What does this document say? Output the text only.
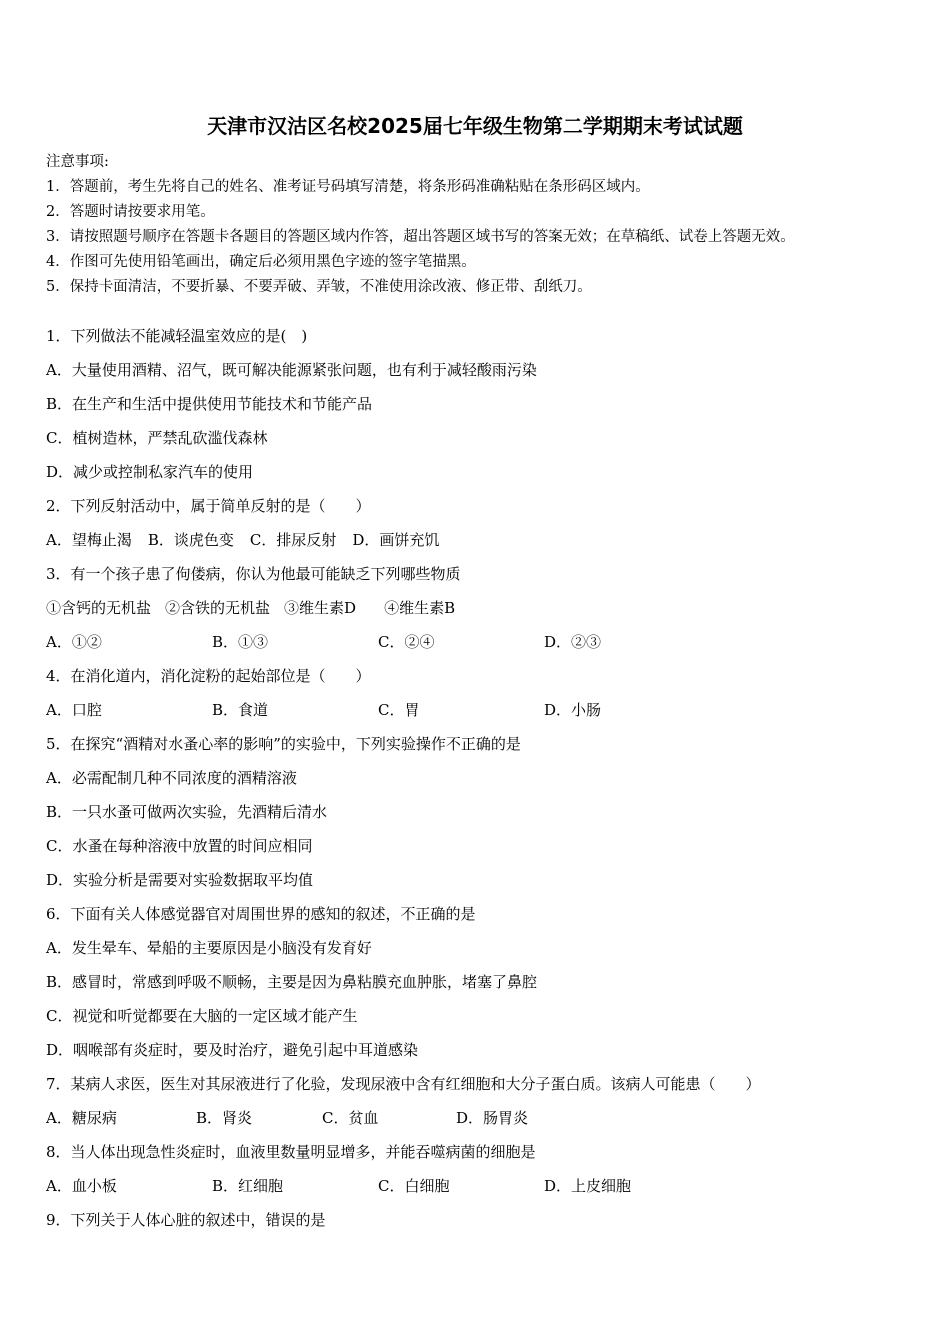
天津市汉沽区名校2025届七年级生物第二学期期末考试试题
注意事项:
1．答题前，考生先将自己的姓名、准考证号码填写清楚，将条形码准确粘贴在条形码区域内。
2．答题时请按要求用笔。
3．请按照题号顺序在答题卡各题目的答题区域内作答，超出答题区域书写的答案无效；在草稿纸、试卷上答题无效。
4．作图可先使用铅笔画出，确定后必须用黑色字迹的签字笔描黑。
5．保持卡面清洁，不要折暴、不要弄破、弄皱，不准使用涂改液、修正带、刮纸刀。
1．下列做法不能减轻温室效应的是(　)
A．大量使用酒精、沼气，既可解决能源紧张问题，也有利于减轻酸雨污染
B．在生产和生活中提供使用节能技术和节能产品
C．植树造林，严禁乱砍滥伐森林
D．减少或控制私家汽车的使用
2．下列反射活动中，属于简单反射的是（　　）
A．望梅止渴 B．谈虎色变 C．排尿反射 D．画饼充饥
3．有一个孩子患了佝偻病，你认为他最可能缺乏下列哪些物质
①含钙的无机盐 ②含铁的无机盐 ③维生素D ④维生素B
A．①②	B．①③	C．②④	D．②③
4．在消化道内，消化淀粉的起始部位是（　　）
A．口腔	B．食道	C．胃	D．小肠
5．在探究“酒精对水蚤心率的影响”的实验中，下列实验操作不正确的是
A．必需配制几种不同浓度的酒精溶液
B．一只水蚤可做两次实验，先酒精后清水
C．水蚤在每种溶液中放置的时间应相同
D．实验分析是需要对实验数据取平均值
6．下面有关人体感觉器官对周围世界的感知的叙述，不正确的是
A．发生晕车、晕船的主要原因是小脑没有发育好
B．感冒时，常感到呼吸不顺畅，主要是因为鼻粘膜充血肿胀，堵塞了鼻腔
C．视觉和听觉都要在大脑的一定区域才能产生
D．咽喉部有炎症时，要及时治疗，避免引起中耳道感染
7．某病人求医，医生对其尿液进行了化验，发现尿液中含有红细胞和大分子蛋白质。该病人可能患（　　）
A．糖尿病	B．肾炎	C．贫血	D．肠胃炎
8．当人体出现急性炎症时，血液里数量明显增多，并能吞噬病菌的细胞是
A．血小板	B．红细胞	C．白细胞	D．上皮细胞
9．下列关于人体心脏的叙述中，错误的是
